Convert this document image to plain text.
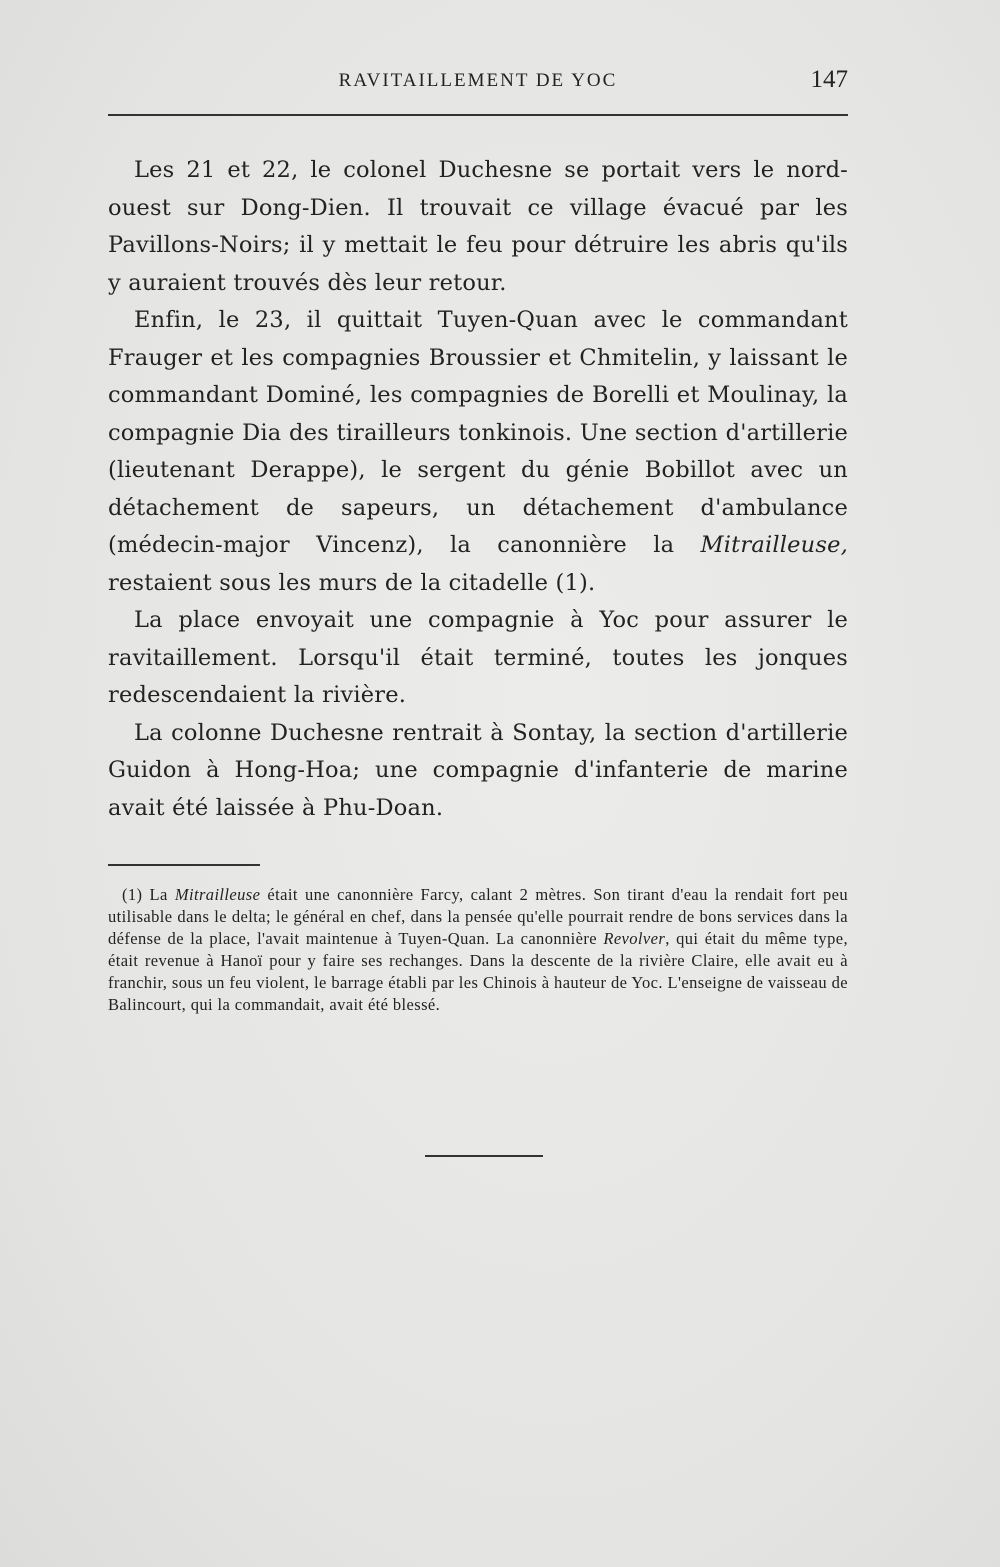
RAVITAILLEMENT DE YOC	147

Les 21 et 22, le colonel Duchesne se portait vers le nord-ouest sur Dong-Dien. Il trouvait ce village évacué par les Pavillons-Noirs; il y mettait le feu pour détruire les abris qu'ils y auraient trouvés dès leur retour.

Enfin, le 23, il quittait Tuyen-Quan avec le commandant Frauger et les compagnies Broussier et Chmitelin, y laissant le commandant Dominé, les compagnies de Borelli et Moulinay, la compagnie Dia des tirailleurs tonkinois. Une section d'artillerie (lieutenant Derappe), le sergent du génie Bobillot avec un détachement de sapeurs, un détachement d'ambulance (médecin-major Vincenz), la canonnière la Mitrailleuse, restaient sous les murs de la citadelle (1).

La place envoyait une compagnie à Yoc pour assurer le ravitaillement. Lorsqu'il était terminé, toutes les jonques redescendaient la rivière.

La colonne Duchesne rentrait à Sontay, la section d'artillerie Guidon à Hong-Hoa; une compagnie d'infanterie de marine avait été laissée à Phu-Doan.

(1) La Mitrailleuse était une canonnière Farcy, calant 2 mètres. Son tirant d'eau la rendait fort peu utilisable dans le delta; le général en chef, dans la pensée qu'elle pourrait rendre de bons services dans la défense de la place, l'avait maintenue à Tuyen-Quan. La canonnière Revolver, qui était du même type, était revenue à Hanoï pour y faire ses rechanges. Dans la descente de la rivière Claire, elle avait eu à franchir, sous un feu violent, le barrage établi par les Chinois à hauteur de Yoc. L'enseigne de vaisseau de Balincourt, qui la commandait, avait été blessé.
